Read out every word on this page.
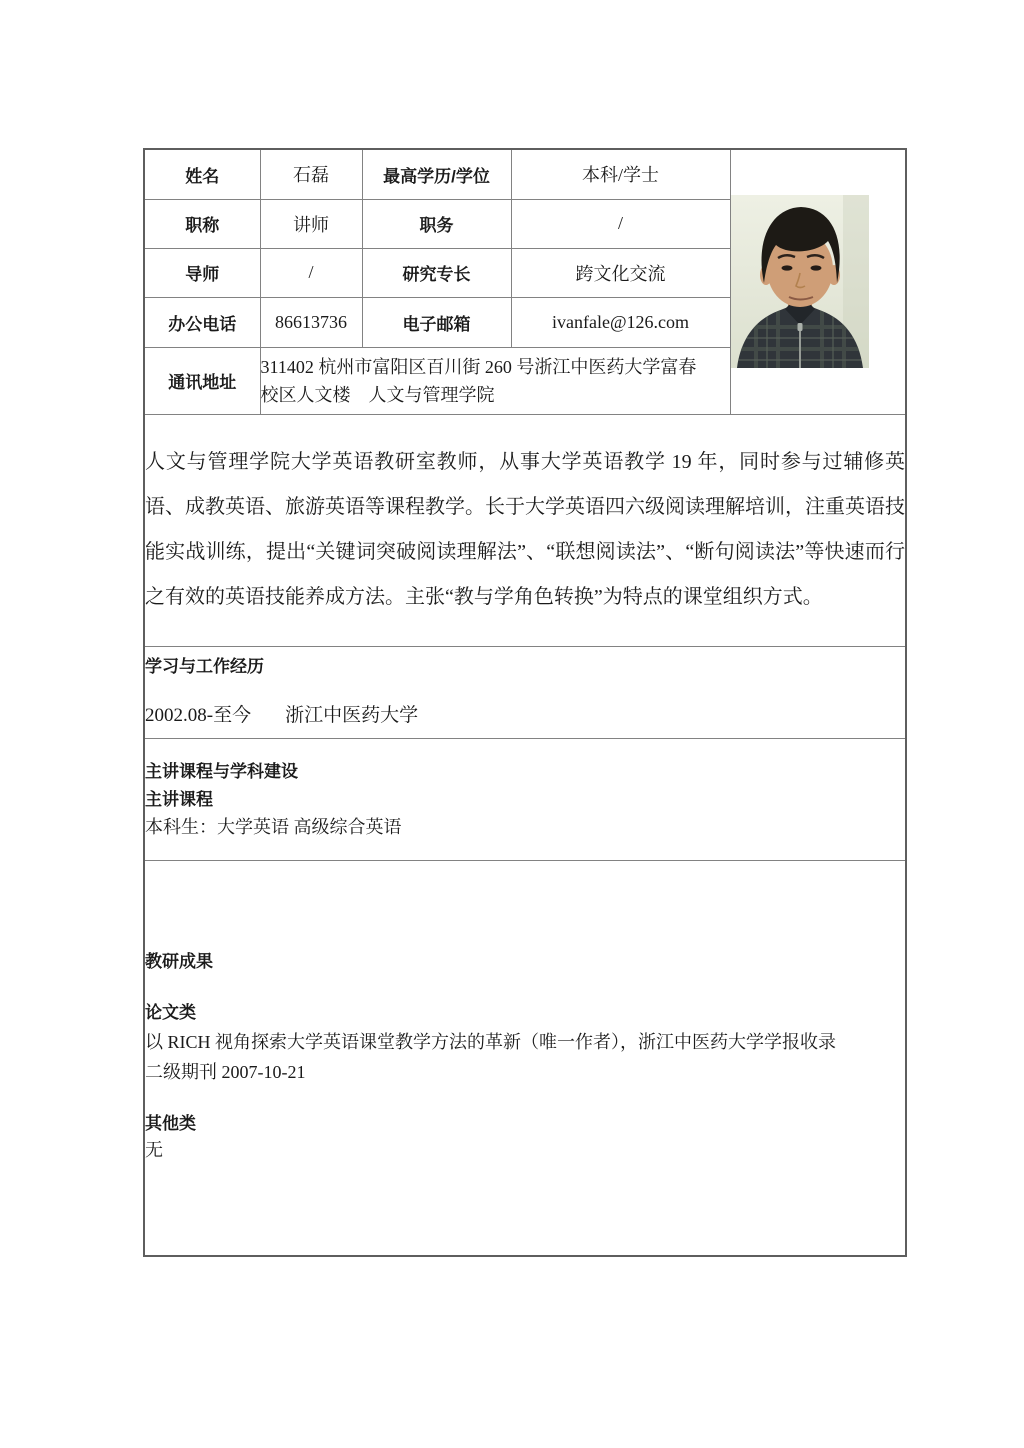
姓名	石磊	最高学历/学位	本科/学士	

职称	讲师	职务	/	
导师	/	研究专长	跨文化交流	
办公电话	86613736	电子邮箱	ivanfale@126.com	
通讯地址	311402 杭州市富阳区百川街 260 号浙江中医药大学富春
校区人文楼　人文与管理学院			

人文与管理学院大学英语教研室教师，从事大学英语教学 19 年，同时参与过辅修英语、成教英语、旅游英语等课程教学。长于大学英语四六级阅读理解培训，注重英语技能实战训练，提出“关键词突破阅读理解法”、“联想阅读法”、“断句阅读法”等快速而行之有效的英语技能养成方法。主张“教与学角色转换”为特点的课堂组织方式。				

学习与工作经历
2002.08-至今 浙江中医药大学				

主讲课程与学科建设
主讲课程
本科生：大学英语 高级综合英语				

教研成果
论文类
以 RICH 视角探索大学英语课堂教学方法的革新（唯一作者），浙江中医药大学学报收录
二级期刊 2007-10-21
其他类
无
